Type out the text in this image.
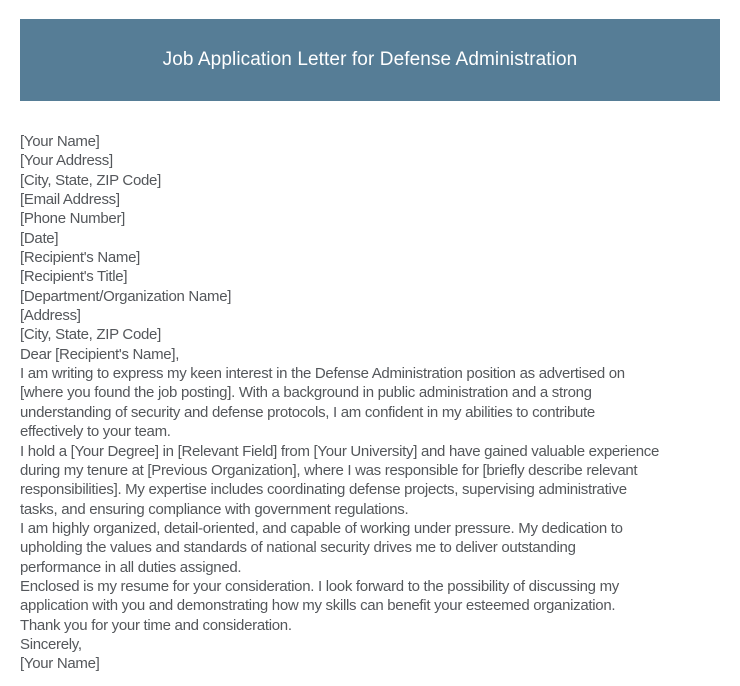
Job Application Letter for Defense Administration
[Your Name]
[Your Address]
[City, State, ZIP Code]
[Email Address]
[Phone Number]
[Date]
[Recipient's Name]
[Recipient's Title]
[Department/Organization Name]
[Address]
[City, State, ZIP Code]
Dear [Recipient's Name],
I am writing to express my keen interest in the Defense Administration position as advertised on
[where you found the job posting]. With a background in public administration and a strong
understanding of security and defense protocols, I am confident in my abilities to contribute
effectively to your team.
I hold a [Your Degree] in [Relevant Field] from [Your University] and have gained valuable experience
during my tenure at [Previous Organization], where I was responsible for [briefly describe relevant
responsibilities]. My expertise includes coordinating defense projects, supervising administrative
tasks, and ensuring compliance with government regulations.
I am highly organized, detail-oriented, and capable of working under pressure. My dedication to
upholding the values and standards of national security drives me to deliver outstanding
performance in all duties assigned.
Enclosed is my resume for your consideration. I look forward to the possibility of discussing my
application with you and demonstrating how my skills can benefit your esteemed organization.
Thank you for your time and consideration.
Sincerely,
[Your Name]
